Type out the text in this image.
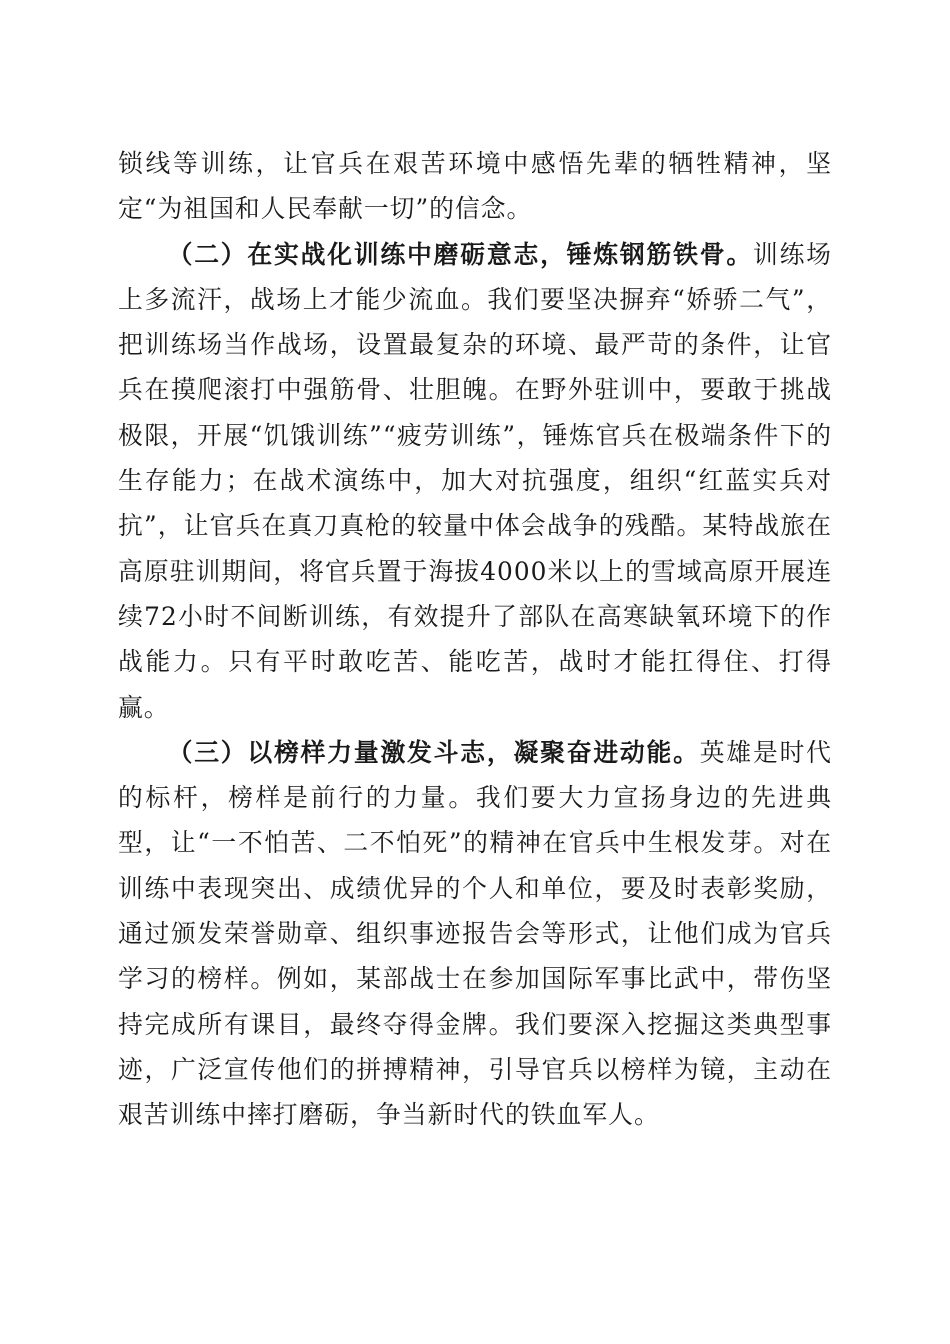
锁线等训练，让官兵在艰苦环境中感悟先辈的牺牲精神，坚定“为祖国和人民奉献一切”的信念。

（二）在实战化训练中磨砺意志，锤炼钢筋铁骨。训练场上多流汗，战场上才能少流血。我们要坚决摒弃“娇骄二气”，把训练场当作战场，设置最复杂的环境、最严苛的条件，让官兵在摸爬滚打中强筋骨、壮胆魄。在野外驻训中，要敢于挑战极限，开展“饥饿训练”“疲劳训练”，锤炼官兵在极端条件下的生存能力；在战术演练中，加大对抗强度，组织“红蓝实兵对抗”，让官兵在真刀真枪的较量中体会战争的残酷。某特战旅在高原驻训期间，将官兵置于海拔4000米以上的雪域高原开展连续72小时不间断训练，有效提升了部队在高寒缺氧环境下的作战能力。只有平时敢吃苦、能吃苦，战时才能扛得住、打得赢。

（三）以榜样力量激发斗志，凝聚奋进动能。英雄是时代的标杆，榜样是前行的力量。我们要大力宣扬身边的先进典型，让“一不怕苦、二不怕死”的精神在官兵中生根发芽。对在训练中表现突出、成绩优异的个人和单位，要及时表彰奖励，通过颁发荣誉勋章、组织事迹报告会等形式，让他们成为官兵学习的榜样。例如，某部战士在参加国际军事比武中，带伤坚持完成所有课目，最终夺得金牌。我们要深入挖掘这类典型事迹，广泛宣传他们的拼搏精神，引导官兵以榜样为镜，主动在艰苦训练中摔打磨砺，争当新时代的铁血军人。
